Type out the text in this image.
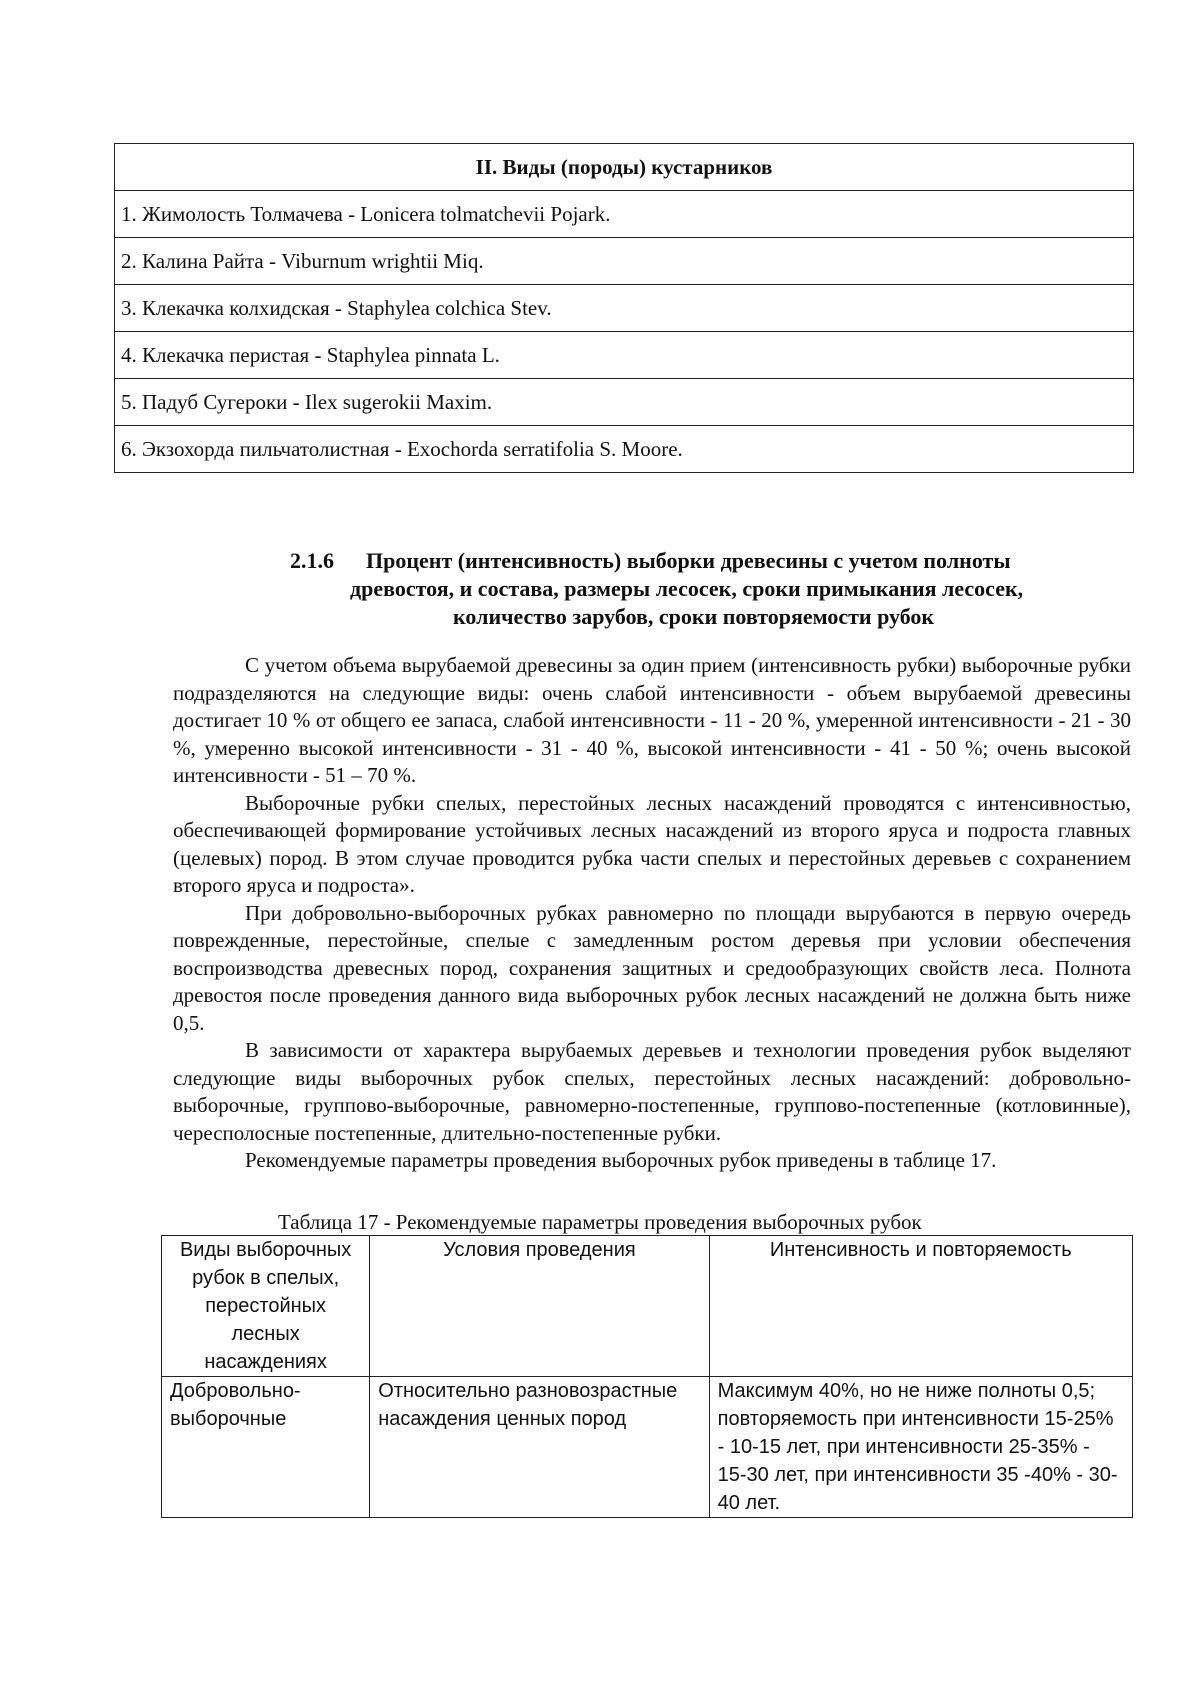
II. Виды (породы) кустарников
1. Жимолость Толмачева - Lonicera tolmatchevii Pojark.
2. Калина Райта - Viburnum wrightii Miq.
3. Клекачка колхидская - Staphylea colchica Stev.
4. Клекачка перистая - Staphylea pinnata L.
5. Падуб Сугероки - Ilex sugerokii Maxim.
6. Экзохорда пильчатолистная - Exochorda serratifolia S. Moore.
2.1.6 Процент (интенсивность) выборки древесины с учетом полноты
древостоя, и состава, размеры лесосек, сроки примыкания лесосек,
количество зарубов, сроки повторяемости рубок

С учетом объема вырубаемой древесины за один прием (интенсивность рубки) выборочные рубки подразделяются на следующие виды: очень слабой интенсивности - объем вырубаемой древесины достигает 10 % от общего ее запаса, слабой интенсивности - 11 - 20 %, умеренной интенсивности - 21 - 30 %, умеренно высокой интенсивности - 31 - 40 %, высокой интенсивности - 41 - 50 %; очень высокой интенсивности - 51 – 70 %.

Выборочные рубки спелых, перестойных лесных насаждений проводятся с интенсивностью, обеспечивающей формирование устойчивых лесных насаждений из второго яруса и подроста главных (целевых) пород. В этом случае проводится рубка части спелых и перестойных деревьев с сохранением второго яруса и подроста».

При добровольно-выборочных рубках равномерно по площади вырубаются в первую очередь поврежденные, перестойные, спелые с замедленным ростом деревья при условии обеспечения воспроизводства древесных пород, сохранения защитных и средообразующих свойств леса. Полнота древостоя после проведения данного вида выборочных рубок лесных насаждений не должна быть ниже 0,5.

В зависимости от характера вырубаемых деревьев и технологии проведения рубок выделяют следующие виды выборочных рубок спелых, перестойных лесных насаждений: добровольно-выборочные, группово-выборочные, равномерно-постепенные, группово-постепенные (котловинные), чересполосные постепенные, длительно-постепенные рубки.

Рекомендуемые параметры проведения выборочных рубок приведены в таблице 17.

Таблица 17 - Рекомендуемые параметры проведения выборочных рубок
Виды выборочных рубок в спелых, перестойных лесных насаждениях	Условия проведения	Интенсивность и повторяемость
Добровольно-выборочные	Относительно разновозрастные насаждения ценных пород	Максимум 40%, но не ниже полноты 0,5; повторяемость при интенсивности 15-25% - 10-15 лет, при интенсивности 25-35% - 15-30 лет, при интенсивности 35 -40% - 30-40 лет.
